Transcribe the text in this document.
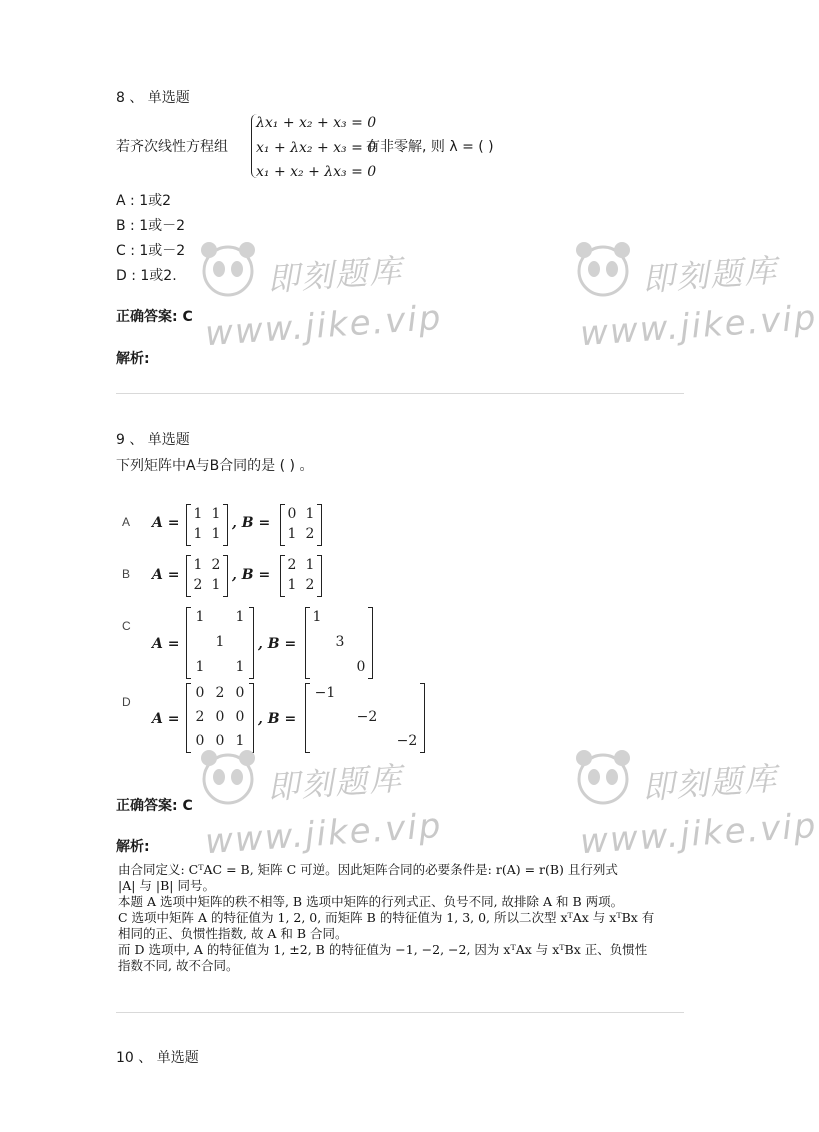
8 、 单选题
若齐次线性方程组
λx₁ + x₂ + x₃ = 0
x₁ + λx₂ + x₃ = 0
x₁ + x₂ + λx₃ = 0
有非零解, 则 λ = ( )
A : 1或2
B : 1或－2
C : 1或－2
D : 1或2.
正确答案: C
解析:
9 、 单选题
下列矩阵中A与B合同的是 ( ) 。
A A =
1 1
1 1
, B =
0 1
1 2
B A =
1 2
2 1
, B =
2 1
1 2
C
A =
1 1
1
1 1
, B =
1
3
0
D
A =
0 2 0
2 0 0
0 0 1
, B =
−1
−2
−2
正确答案: C
解析:
由合同定义: CᵀAC = B, 矩阵 C 可逆。因此矩阵合同的必要条件是: r(A) = r(B) 且行列式
|A| 与 |B| 同号。
本题 A 选项中矩阵的秩不相等, B 选项中矩阵的行列式正、负号不同, 故排除 A 和 B 两项。
C 选项中矩阵 A 的特征值为 1, 2, 0, 而矩阵 B 的特征值为 1, 3, 0, 所以二次型 xᵀAx 与 xᵀBx 有
相同的正、负惯性指数, 故 A 和 B 合同。
而 D 选项中, A 的特征值为 1, ±2, B 的特征值为 −1, −2, −2, 因为 xᵀAx 与 xᵀBx 正、负惯性
指数不同, 故不合同。
10 、 单选题
即刻题库
www.jike.vip
即刻题库
www.jike.vip
即刻题库
www.jike.vip
即刻题库
www.jike.vip
